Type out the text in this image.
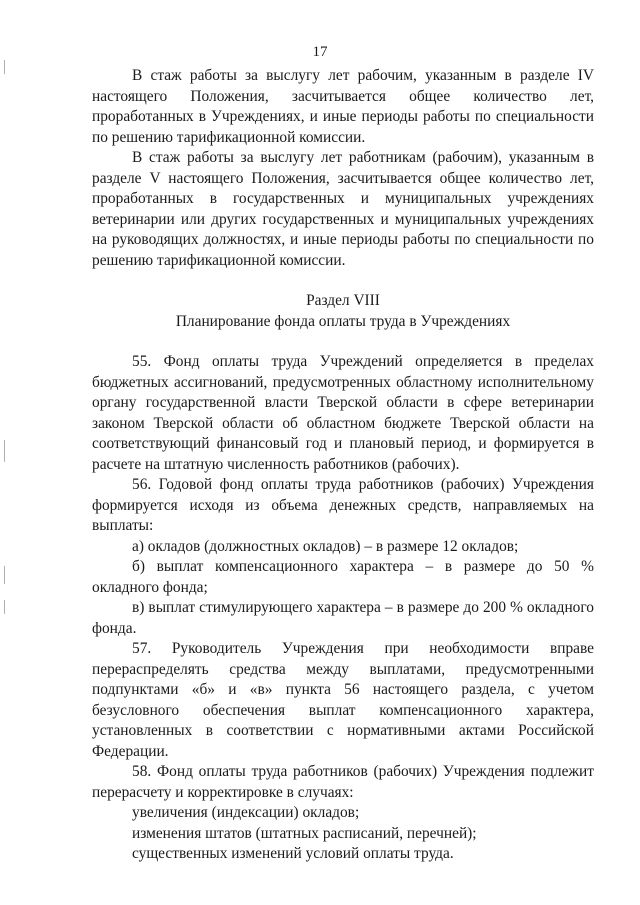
17

В стаж работы за выслугу лет рабочим, указанным в разделе IV настоящего Положения, засчитывается общее количество лет, проработанных в Учреждениях, и иные периоды работы по специальности по решению тарификационной комиссии.

В стаж работы за выслугу лет работникам (рабочим), указанным в разделе V настоящего Положения, засчитывается общее количество лет, проработанных в государственных и муниципальных учреждениях ветеринарии или других государственных и муниципальных учреждениях на руководящих должностях, и иные периоды работы по специальности по решению тарификационной комиссии.

Раздел VIII
Планирование фонда оплаты труда в Учреждениях

55. Фонд оплаты труда Учреждений определяется в пределах бюджетных ассигнований, предусмотренных областному исполнительному органу государственной власти Тверской области в сфере ветеринарии законом Тверской области об областном бюджете Тверской области на соответствующий финансовый год и плановый период, и формируется в расчете на штатную численность работников (рабочих).

56. Годовой фонд оплаты труда работников (рабочих) Учреждения формируется исходя из объема денежных средств, направляемых на выплаты:

а) окладов (должностных окладов) – в размере 12 окладов;

б) выплат компенсационного характера – в размере до 50 % окладного фонда;

в) выплат стимулирующего характера – в размере до 200 % окладного фонда.

57. Руководитель Учреждения при необходимости вправе перераспределять средства между выплатами, предусмотренными подпунктами «б» и «в» пункта 56 настоящего раздела, с учетом безусловного обеспечения выплат компенсационного характера, установленных в соответствии с нормативными актами Российской Федерации.

58. Фонд оплаты труда работников (рабочих) Учреждения подлежит перерасчету и корректировке в случаях:

увеличения (индексации) окладов;

изменения штатов (штатных расписаний, перечней);

существенных изменений условий оплаты труда.
